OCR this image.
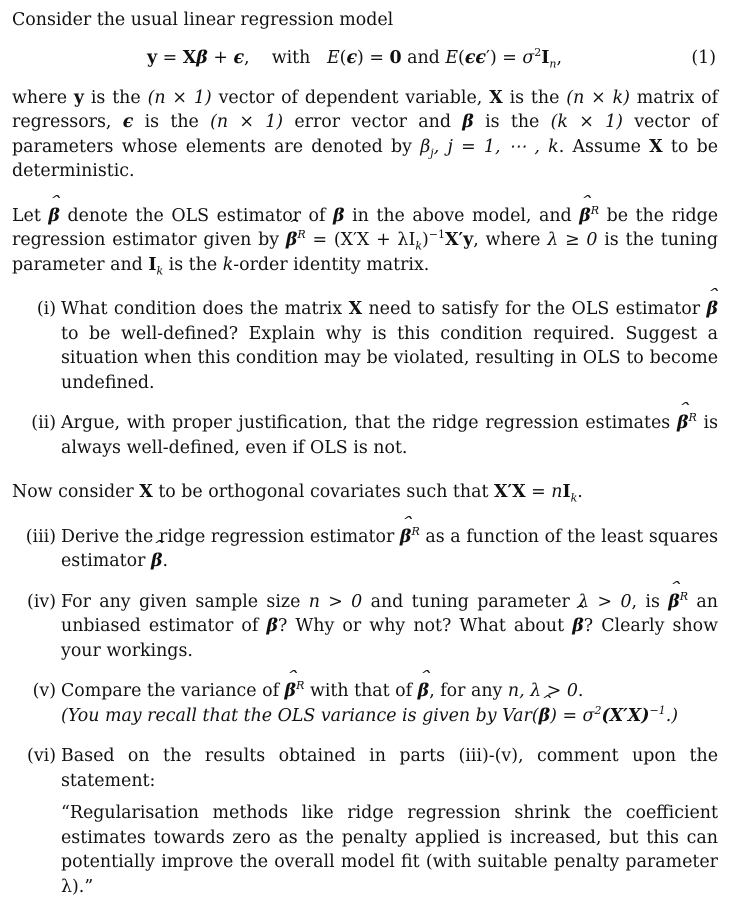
Consider the usual linear regression model

y = Xβ + ϵ, with E(ϵ) = 0 and $E(\epsilon\epsilon') = \sigma^2I_n$,	(1)

where y is the (n × 1) vector of dependent variable, X is the (n × k) matrix of regressors, ϵ is the (n × 1) error vector and β is the (k × 1) vector of parameters whose elements are denoted by $\beta_j$, j = 1, ⋯ , k. Assume X to be deterministic.

Let ˆ β denote the OLS estimator of β in the above model, and ˆ $\beta^R$ be the ridge regression estimator given by ˆ $\beta^R = (X'X + \lambda I_k)^{-1}X'y$, where λ ≥ 0 is the tuning parameter and $I_k$ is the k-order identity matrix.

(i) What condition does the matrix X need to satisfy for the OLS estimator ˆ β to be well-defined? Explain why is this condition required. Suggest a situation when this condition may be violated, resulting in OLS to become undefined.
(ii) Argue, with proper justification, that the ridge regression estimates ˆ $\beta^R$ is always well-defined, even if OLS is not.

Now consider X to be orthogonal covariates such that $X'X = nI_k$.

(iii) Derive the ridge regression estimator ˆ $\beta^R$ as a function of the least squares estimator ˆ β.
(iv) For any given sample size n > 0 and tuning parameter λ > 0, is ˆ $\beta^R$ an unbiased estimator of β? Why or why not? What about ˆ β? Clearly show your workings.
(v) Compare the variance of ˆ $\beta^R$ with that of ˆ β, for any n, λ > 0.
(You may recall that the OLS variance is given by Var(ˆ $\beta) = \sigma^2(X'X)^{-1}$.)
(vi) Based on the results obtained in parts (iii)-(v), comment upon the statement:
“Regularisation methods like ridge regression shrink the coefficient estimates towards zero as the penalty applied is increased, but this can potentially improve the overall model fit (with suitable penalty parameter λ).”
